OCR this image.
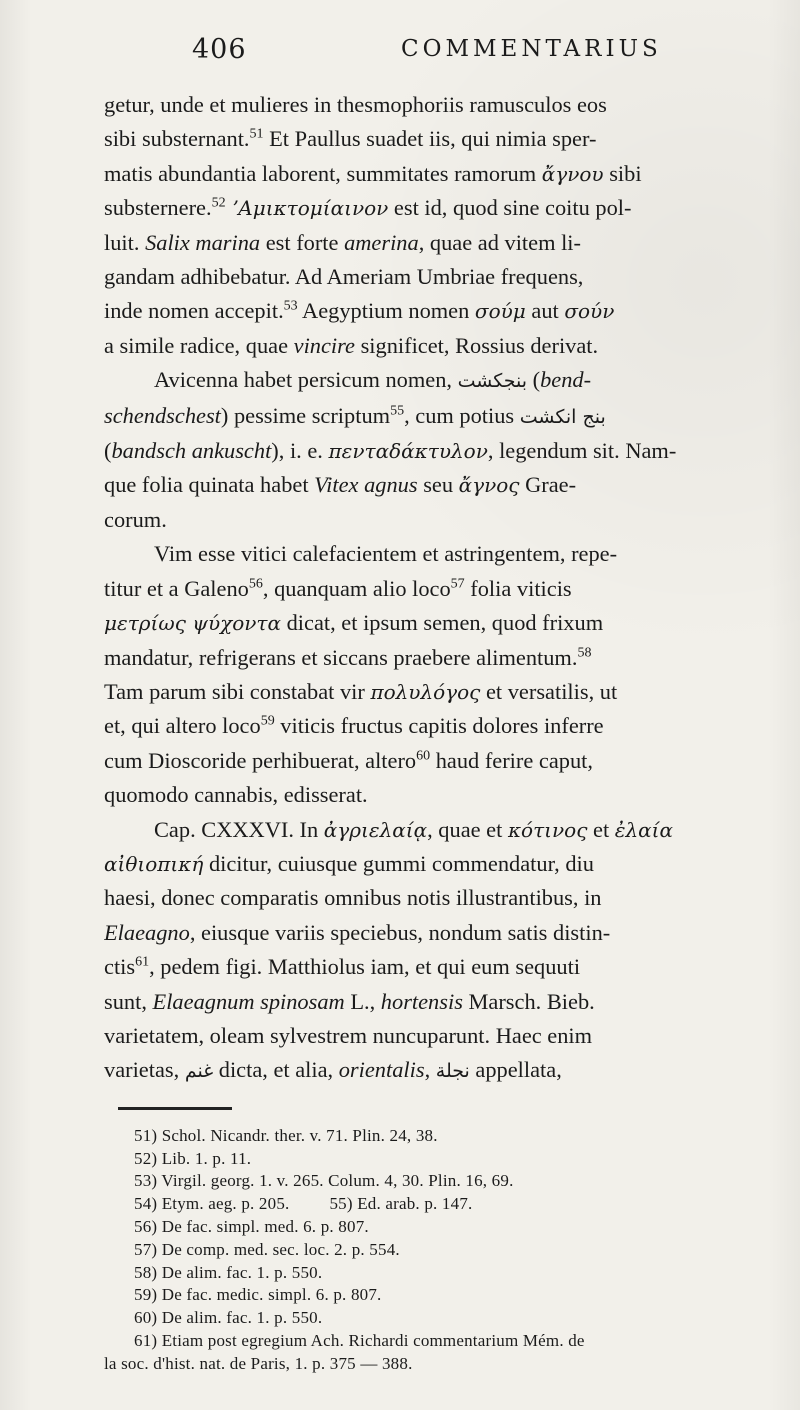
406	COMMENTARIUS
getur, unde et mulieres in thesmophoriis ramusculos eos
sibi substernant.$^{51}$ Et Paullus suadet iis, qui nimia sper-
matis abundantia laborent, summitates ramorum ἄγνου sibi
substernere.$^{52}$ ʼΑμικτομίαινον est id, quod sine coitu pol-
luit. Salix marina est forte amerina, quae ad vitem li-
gandam adhibebatur. Ad Ameriam Umbriae frequens,
inde nomen accepit.$^{53}$ Aegyptium nomen σούμ aut σούν
a simile radice, quae vincire significet, Rossius derivat.
Avicenna habet persicum nomen, بنجكشت (bend-
schendschest) pessime scriptum$^{55}$, cum potius بنج انكشت
(bandsch ankuscht), i. e. πενταδάκτυλον, legendum sit. Nam-
que folia quinata habet Vitex agnus seu ἄγνος Grae-
corum.
Vim esse vitici calefacientem et astringentem, repe-
titur et a Galeno$^{56}$, quanquam alio loco$^{57}$ folia viticis
μετρίως ψύχοντα dicat, et ipsum semen, quod frixum
mandatur, refrigerans et siccans praebere alimentum.$^{58}$
Tam parum sibi constabat vir πολυλόγος et versatilis, ut
et, qui altero loco$^{59}$ viticis fructus capitis dolores inferre
cum Dioscoride perhibuerat, altero$^{60}$ haud ferire caput,
quomodo cannabis, edisserat.
Cap. CXXXVI. In ἀγριελαίᾳ, quae et κότινος et ἐλαία
αἰθιοπική dicitur, cuiusque gummi commendatur, diu
haesi, donec comparatis omnibus notis illustrantibus, in
Elaeagno, eiusque variis speciebus, nondum satis distin-
ctis$^{61}$, pedem figi. Matthiolus iam, et qui eum sequuti
sunt, Elaeagnum spinosam L., hortensis Marsch. Bieb.
varietatem, oleam sylvestrem nuncuparunt. Haec enim
varietas, غنم dicta, et alia, orientalis, نجلة appellata,
51) Schol. Nicandr. ther. v. 71. Plin. 24, 38.
52) Lib. 1. p. 11.
53) Virgil. georg. 1. v. 265. Colum. 4, 30. Plin. 16, 69.
54) Etym. aeg. p. 205. 55) Ed. arab. p. 147.
56) De fac. simpl. med. 6. p. 807.
57) De comp. med. sec. loc. 2. p. 554.
58) De alim. fac. 1. p. 550.
59) De fac. medic. simpl. 6. p. 807.
60) De alim. fac. 1. p. 550.
61) Etiam post egregium Ach. Richardi commentarium Mém. de
la soc. d'hist. nat. de Paris, 1. p. 375 — 388.
